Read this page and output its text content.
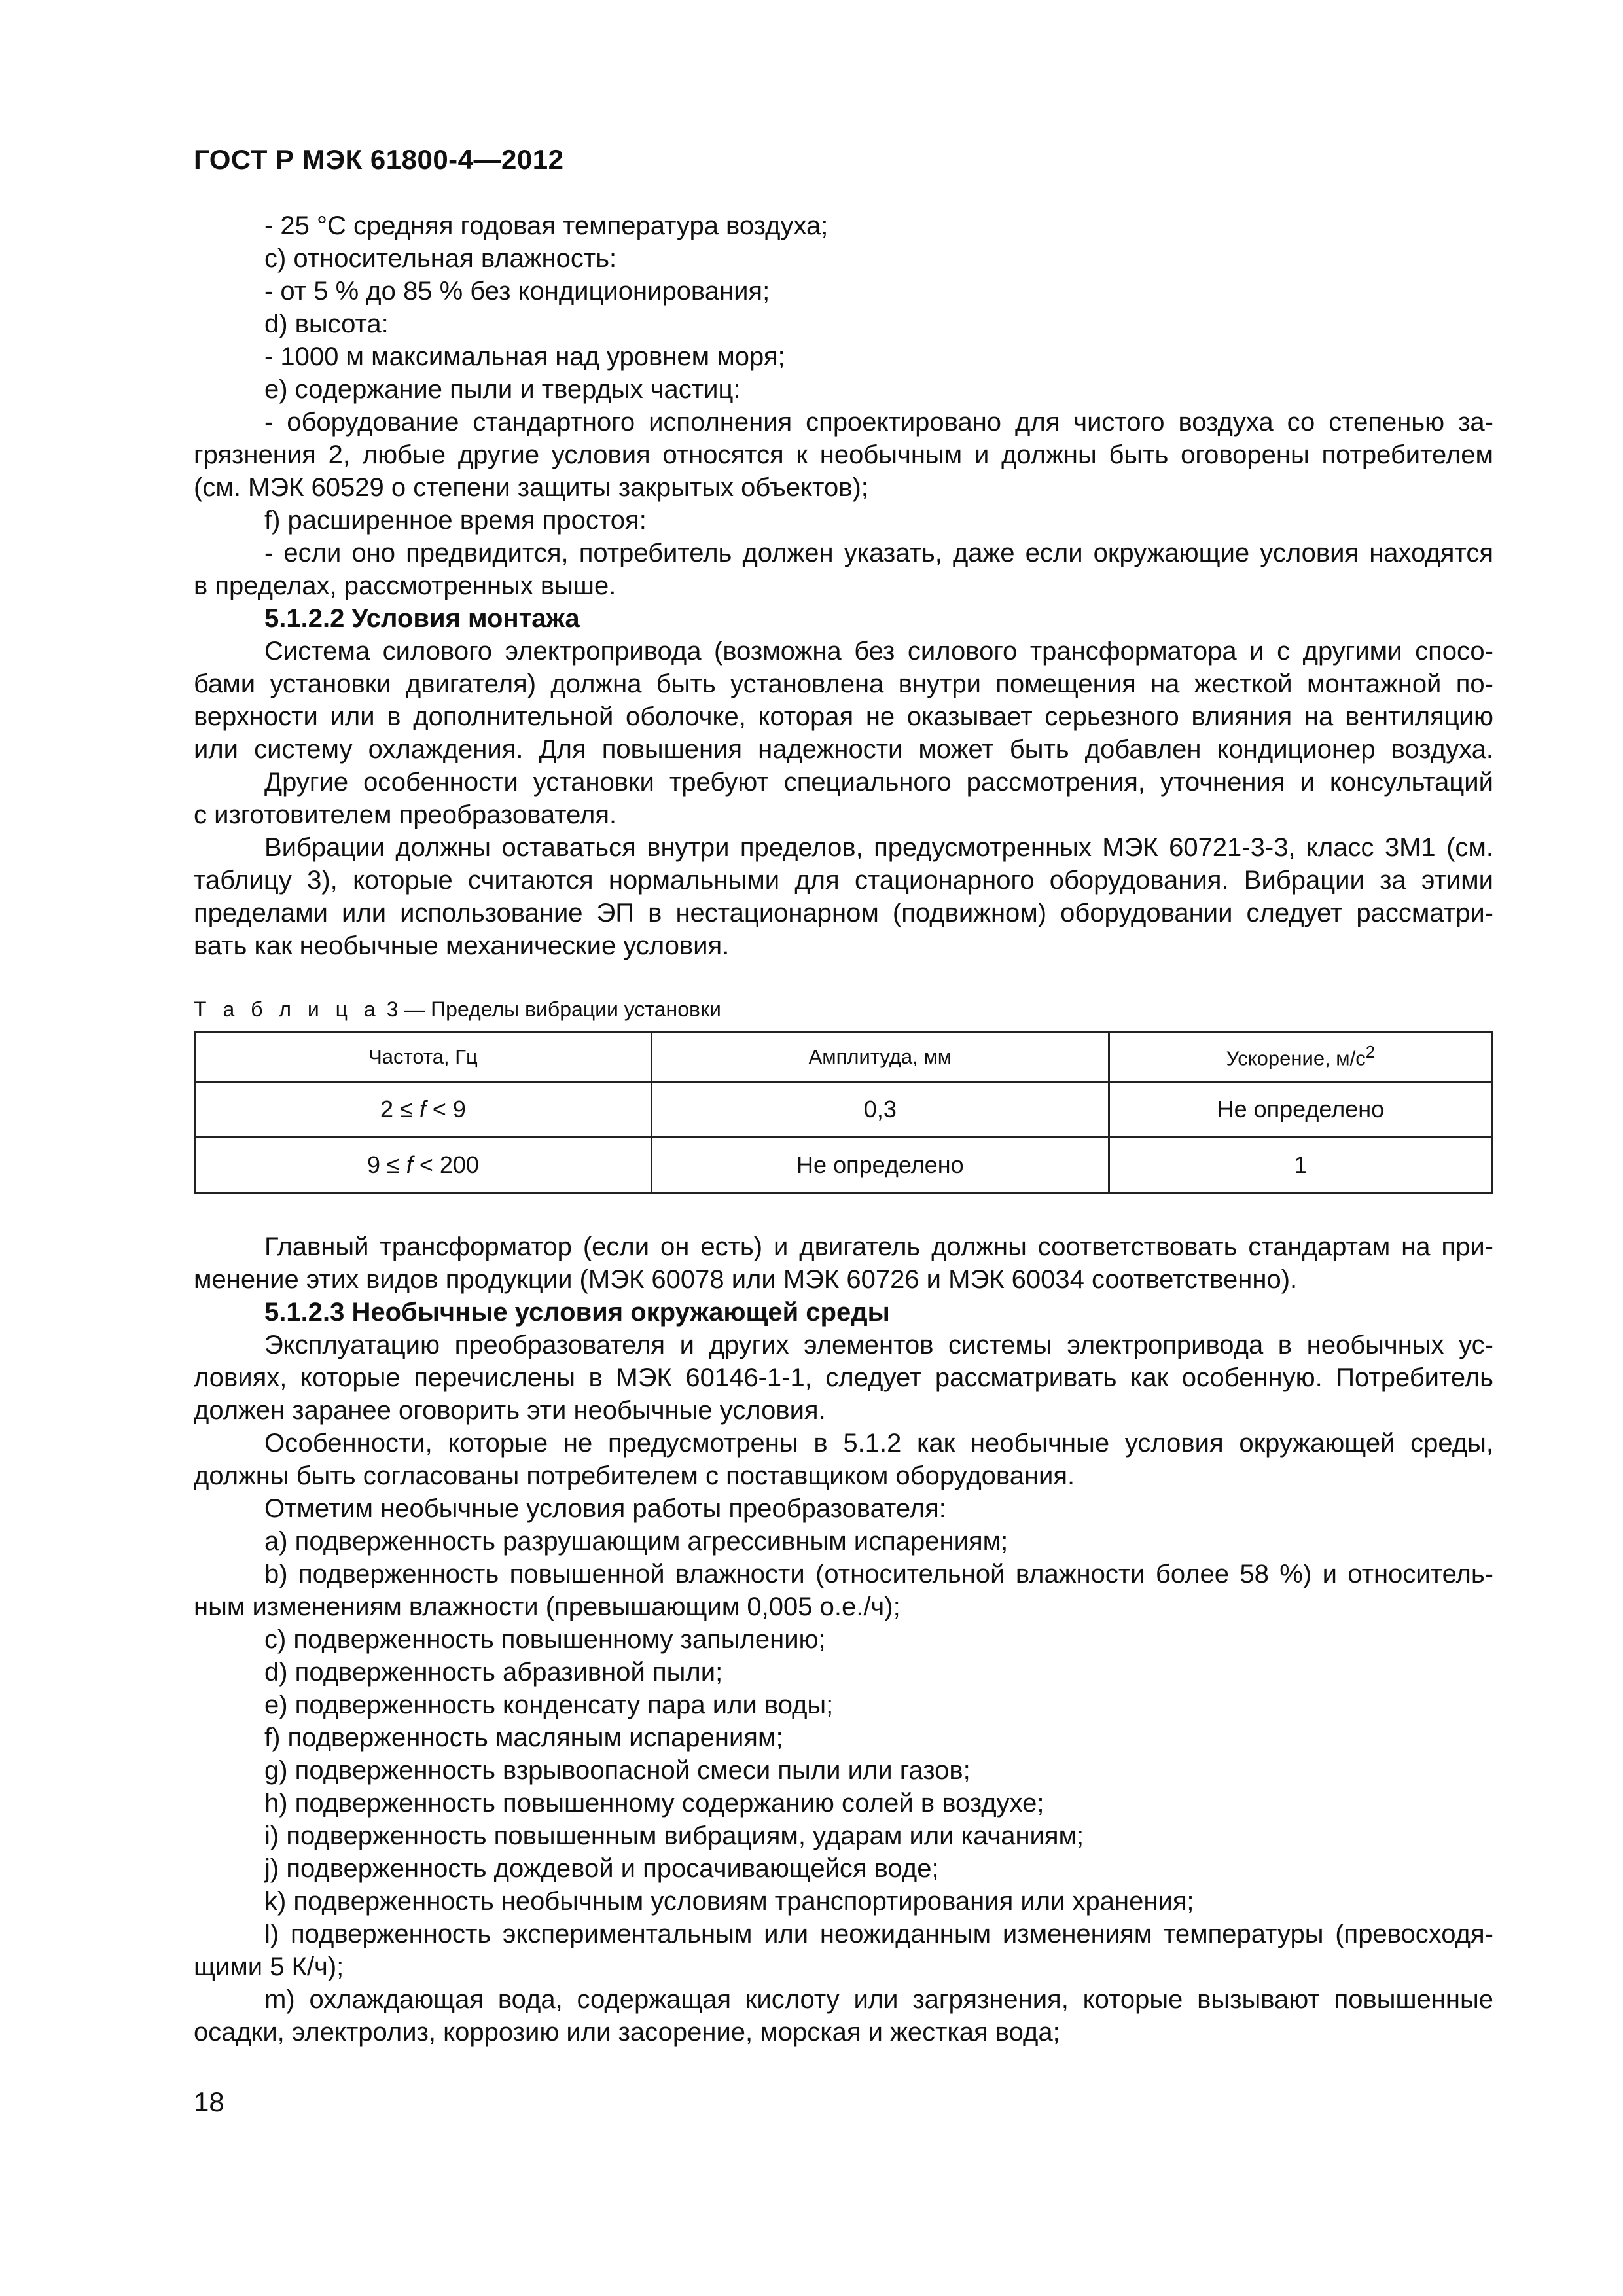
ГОСТ Р МЭК 61800-4—2012
- 25 °С средняя годовая температура воздуха;
c) относительная влажность:
- от 5 % до 85 % без кондиционирования;
d) высота:
- 1000 м максимальная над уровнем моря;
e) содержание пыли и твердых частиц:
- оборудование стандартного исполнения спроектировано для чистого воздуха со степенью за-
грязнения 2, любые другие условия относятся к необычным и должны быть оговорены потребителем
(см. МЭК 60529 о степени защиты закрытых объектов);
f) расширенное время простоя:
- если оно предвидится, потребитель должен указать, даже если окружающие условия находятся
в пределах, рассмотренных выше.
5.1.2.2 Условия монтажа
Система силового электропривода (возможна без силового трансформатора и с другими спосо-
бами установки двигателя) должна быть установлена внутри помещения на жесткой монтажной по-
верхности или в дополнительной оболочке, которая не оказывает серьезного влияния на вентиляцию
или систему охлаждения. Для повышения надежности может быть добавлен кондиционер воздуха.
Другие особенности установки требуют специального рассмотрения, уточнения и консультаций
с изготовителем преобразователя.
Вибрации должны оставаться внутри пределов, предусмотренных МЭК 60721-3-3, класс 3М1 (см.
таблицу 3), которые считаются нормальными для стационарного оборудования. Вибрации за этими
пределами или использование ЭП в нестационарном (подвижном) оборудовании следует рассматри-
вать как необычные механические условия.
Т а б л и ц а 3 — Пределы вибрации установки
Частота, Гц	Амплитуда, мм	Ускорение, $м/с^2$
2 ≤ f < 9	0,3	Не определено
9 ≤ f < 200	Не определено	1
Главный трансформатор (если он есть) и двигатель должны соответствовать стандартам на при-
менение этих видов продукции (МЭК 60078 или МЭК 60726 и МЭК 60034 соответственно).
5.1.2.3 Необычные условия окружающей среды
Эксплуатацию преобразователя и других элементов системы электропривода в необычных ус-
ловиях, которые перечислены в МЭК 60146-1-1, следует рассматривать как особенную. Потребитель
должен заранее оговорить эти необычные условия.
Особенности, которые не предусмотрены в 5.1.2 как необычные условия окружающей среды,
должны быть согласованы потребителем с поставщиком оборудования.
Отметим необычные условия работы преобразователя:
a) подверженность разрушающим агрессивным испарениям;
b) подверженность повышенной влажности (относительной влажности более 58 %) и относитель-
ным изменениям влажности (превышающим 0,005 о.е./ч);
c) подверженность повышенному запылению;
d) подверженность абразивной пыли;
e) подверженность конденсату пара или воды;
f) подверженность масляным испарениям;
g) подверженность взрывоопасной смеси пыли или газов;
h) подверженность повышенному содержанию солей в воздухе;
i) подверженность повышенным вибрациям, ударам или качаниям;
j) подверженность дождевой и просачивающейся воде;
k) подверженность необычным условиям транспортирования или хранения;
l) подверженность экспериментальным или неожиданным изменениям температуры (превосходя-
щими 5 К/ч);
m) охлаждающая вода, содержащая кислоту или загрязнения, которые вызывают повышенные
осадки, электролиз, коррозию или засорение, морская и жесткая вода;
18
